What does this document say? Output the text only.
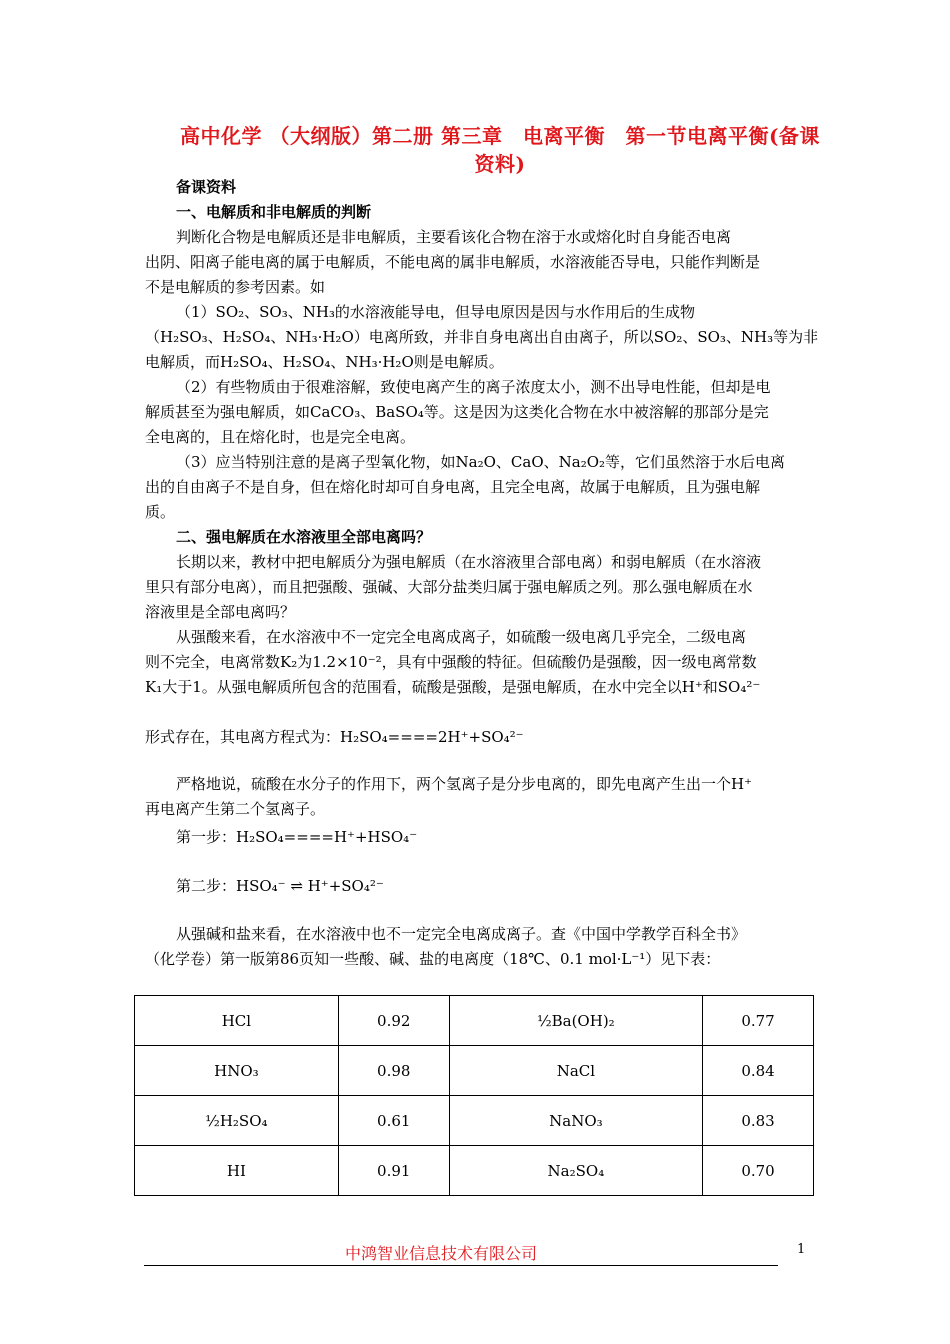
高中化学 （大纲版）第二册 第三章　电离平衡　第一节电离平衡(备课资料)
备课资料
一、电解质和非电解质的判断
判断化合物是电解质还是非电解质，主要看该化合物在溶于水或熔化时自身能否电离
出阴、阳离子能电离的属于电解质，不能电离的属非电解质，水溶液能否导电，只能作判断是
不是电解质的参考因素。如
（1）SO₂、SO₃、NH₃的水溶液能导电，但导电原因是因与水作用后的生成物
（H₂SO₃、H₂SO₄、NH₃·H₂O）电离所致，并非自身电离出自由离子，所以SO₂、SO₃、NH₃等为非
电解质，而H₂SO₄、H₂SO₄、NH₃·H₂O则是电解质。
（2）有些物质由于很难溶解，致使电离产生的离子浓度太小，测不出导电性能，但却是电
解质甚至为强电解质，如CaCO₃、BaSO₄等。这是因为这类化合物在水中被溶解的那部分是完
全电离的，且在熔化时，也是完全电离。
（3）应当特别注意的是离子型氧化物，如Na₂O、CaO、Na₂O₂等，它们虽然溶于水后电离
出的自由离子不是自身，但在熔化时却可自身电离，且完全电离，故属于电解质，且为强电解
质。
二、强电解质在水溶液里全部电离吗？
长期以来，教材中把电解质分为强电解质（在水溶液里合部电离）和弱电解质（在水溶液
里只有部分电离），而且把强酸、强碱、大部分盐类归属于强电解质之列。那么强电解质在水
溶液里是全部电离吗？
从强酸来看，在水溶液中不一定完全电离成离子，如硫酸一级电离几乎完全，二级电离
则不完全，电离常数K₂为1.2×10⁻²，具有中强酸的特征。但硫酸仍是强酸，因一级电离常数
K₁大于1。从强电解质所包含的范围看，硫酸是强酸，是强电解质，在水中完全以H⁺和SO₄²⁻
形式存在，其电离方程式为：H₂SO₄====2H⁺+SO₄²⁻
严格地说，硫酸在水分子的作用下，两个氢离子是分步电离的，即先电离产生出一个H⁺
再电离产生第二个氢离子。
第一步：H₂SO₄====H⁺+HSO₄⁻
第二步：HSO₄⁻ ⇌ H⁺+SO₄²⁻
从强碱和盐来看，在水溶液中也不一定完全电离成离子。查《中国中学教学百科全书》
（化学卷）第一版第86页知一些酸、碱、盐的电离度（18℃、0.1 mol·L⁻¹）见下表：
HCl	0.92	½Ba(OH)₂	0.77
HNO₃	0.98	NaCl	0.84
½H₂SO₄	0.61	NaNO₃	0.83
HI	0.91	Na₂SO₄	0.70
中鸿智业信息技术有限公司	1
